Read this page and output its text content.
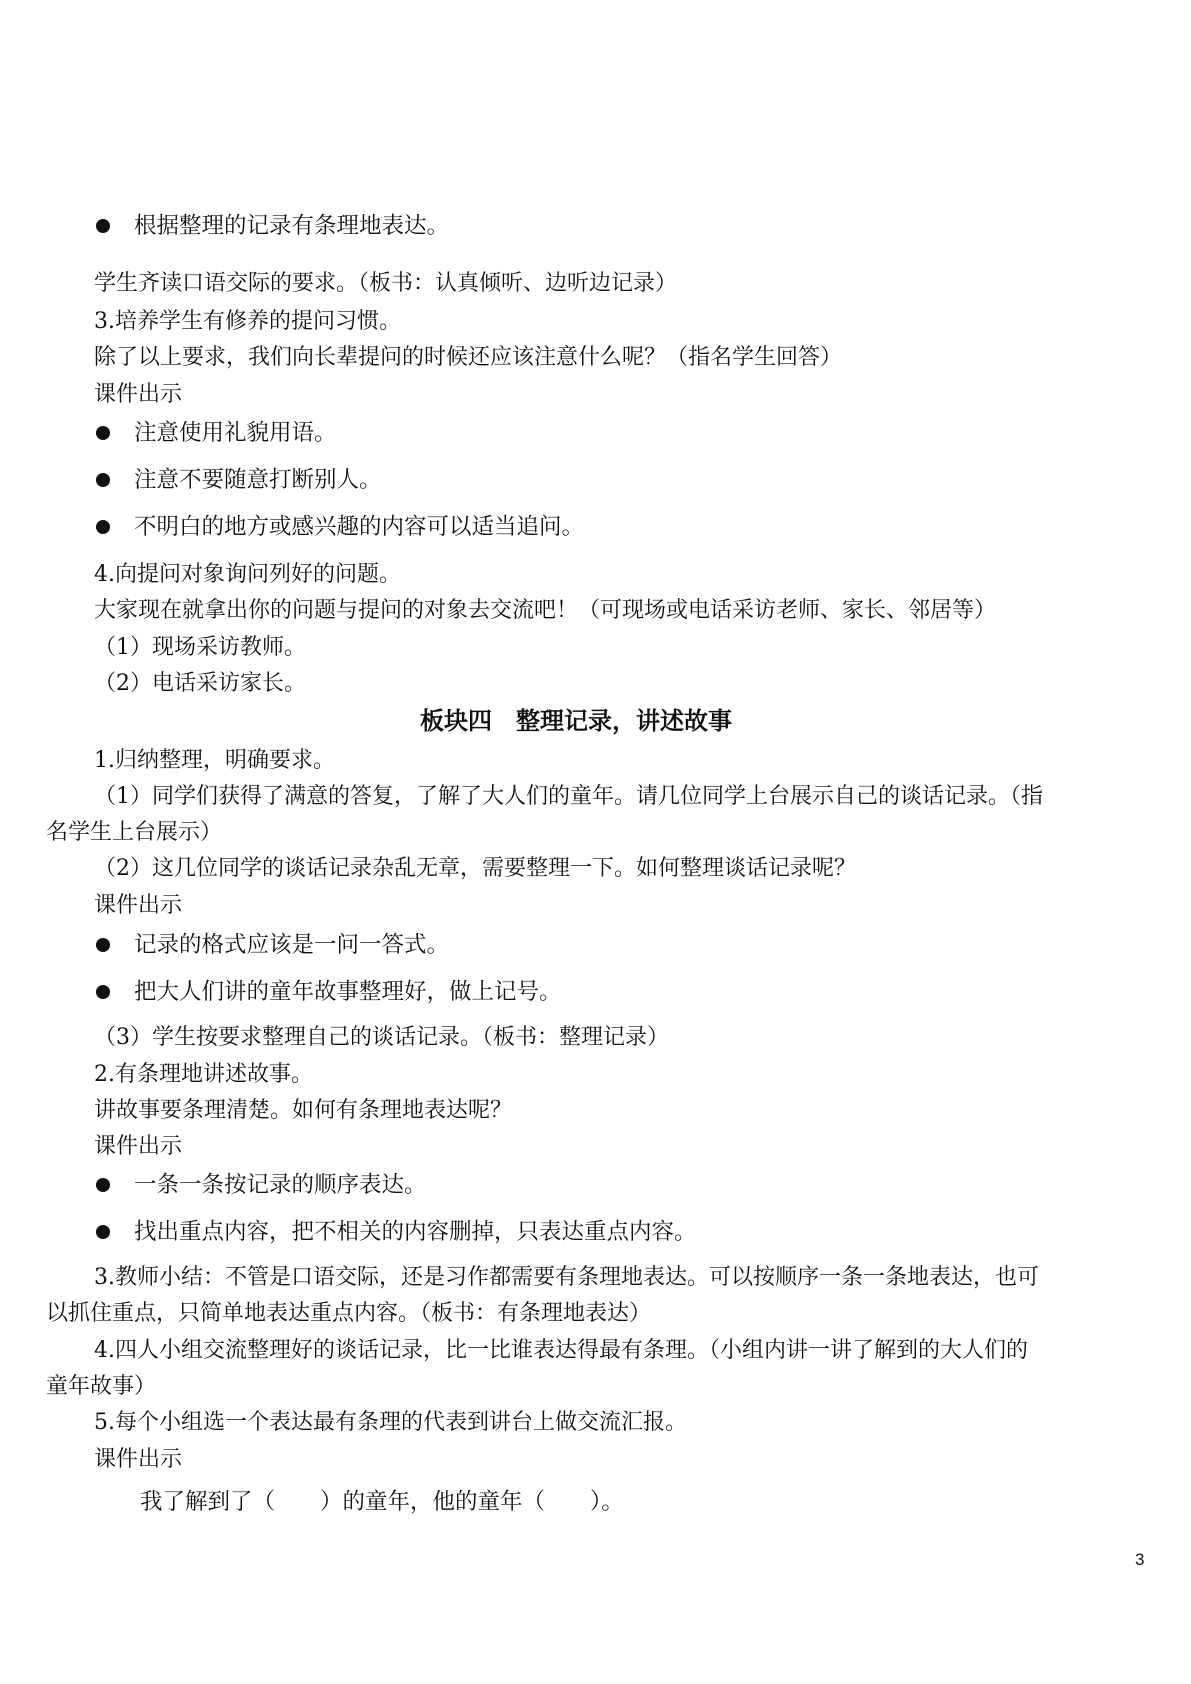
根据整理的记录有条理地表达。
学生齐读口语交际的要求。（板书：认真倾听、边听边记录）
3.培养学生有修养的提问习惯。
除了以上要求，我们向长辈提问的时候还应该注意什么呢？（指名学生回答）
课件出示
注意使用礼貌用语。
注意不要随意打断别人。
不明白的地方或感兴趣的内容可以适当追问。
4.向提问对象询问列好的问题。
大家现在就拿出你的问题与提问的对象去交流吧！（可现场或电话采访老师、家长、邻居等）
（1）现场采访教师。
（2）电话采访家长。
板块四　整理记录，讲述故事
1.归纳整理，明确要求。
（1）同学们获得了满意的答复，了解了大人们的童年。请几位同学上台展示自己的谈话记录。（指
名学生上台展示）
（2）这几位同学的谈话记录杂乱无章，需要整理一下。如何整理谈话记录呢？
课件出示
记录的格式应该是一问一答式。
把大人们讲的童年故事整理好，做上记号。
（3）学生按要求整理自己的谈话记录。（板书：整理记录）
2.有条理地讲述故事。
讲故事要条理清楚。如何有条理地表达呢？
课件出示
一条一条按记录的顺序表达。
找出重点内容，把不相关的内容删掉，只表达重点内容。
3.教师小结：不管是口语交际，还是习作都需要有条理地表达。可以按顺序一条一条地表达，也可
以抓住重点，只简单地表达重点内容。（板书：有条理地表达）
4.四人小组交流整理好的谈话记录，比一比谁表达得最有条理。（小组内讲一讲了解到的大人们的
童年故事）
5.每个小组选一个表达最有条理的代表到讲台上做交流汇报。
课件出示
我了解到了（　　）的童年，他的童年（　　）。
3
